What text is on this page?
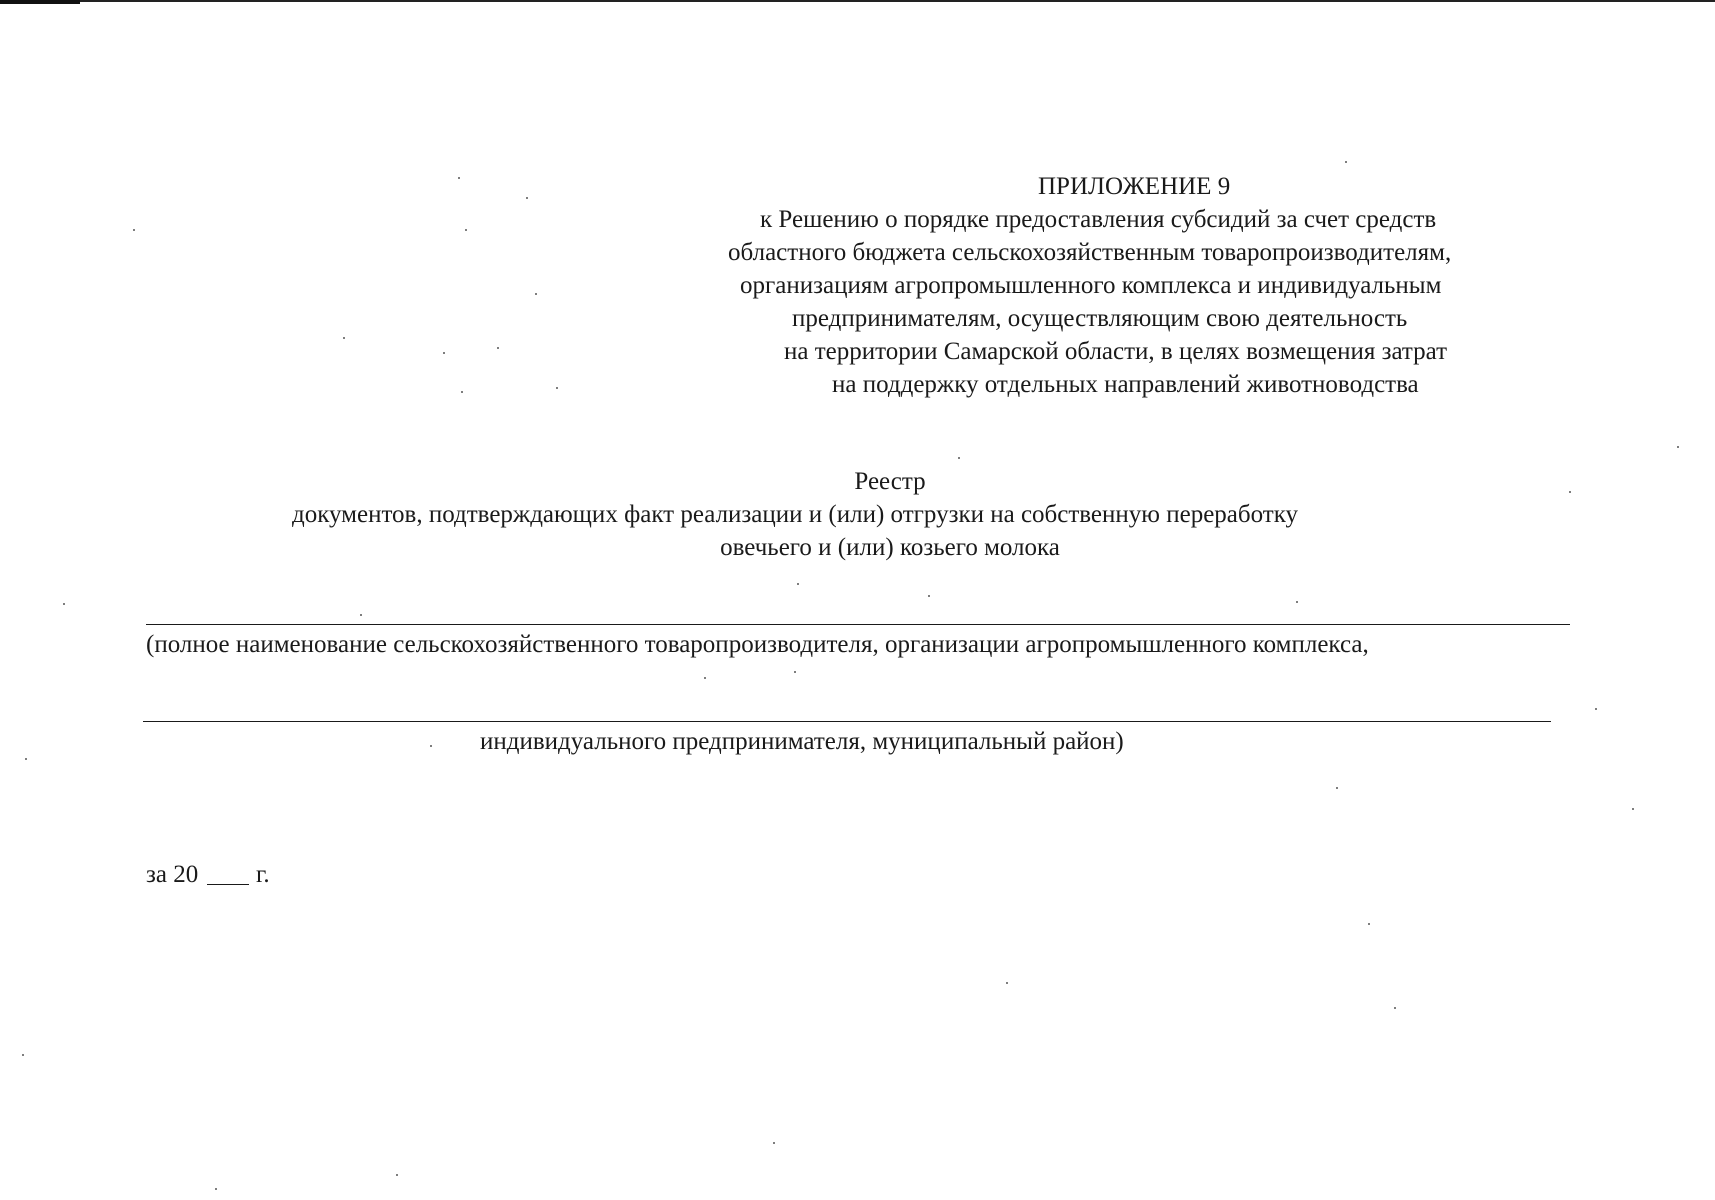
ПРИЛОЖЕНИЕ 9
к Решению о порядке предоставления субсидий за счет средств
областного бюджета сельскохозяйственным товаропроизводителям,
организациям агропромышленного комплекса и индивидуальным
предпринимателям, осуществляющим свою деятельность
на территории Самарской области, в целях возмещения затрат
на поддержку отдельных направлений животноводства
Реестр
документов, подтверждающих факт реализации и (или) отгрузки на собственную переработку
овечьего и (или) козьего молока
(полное наименование сельскохозяйственного товаропроизводителя, организации агропромышленного комплекса,
индивидуального предпринимателя, муниципальный район)
за 20 г.
